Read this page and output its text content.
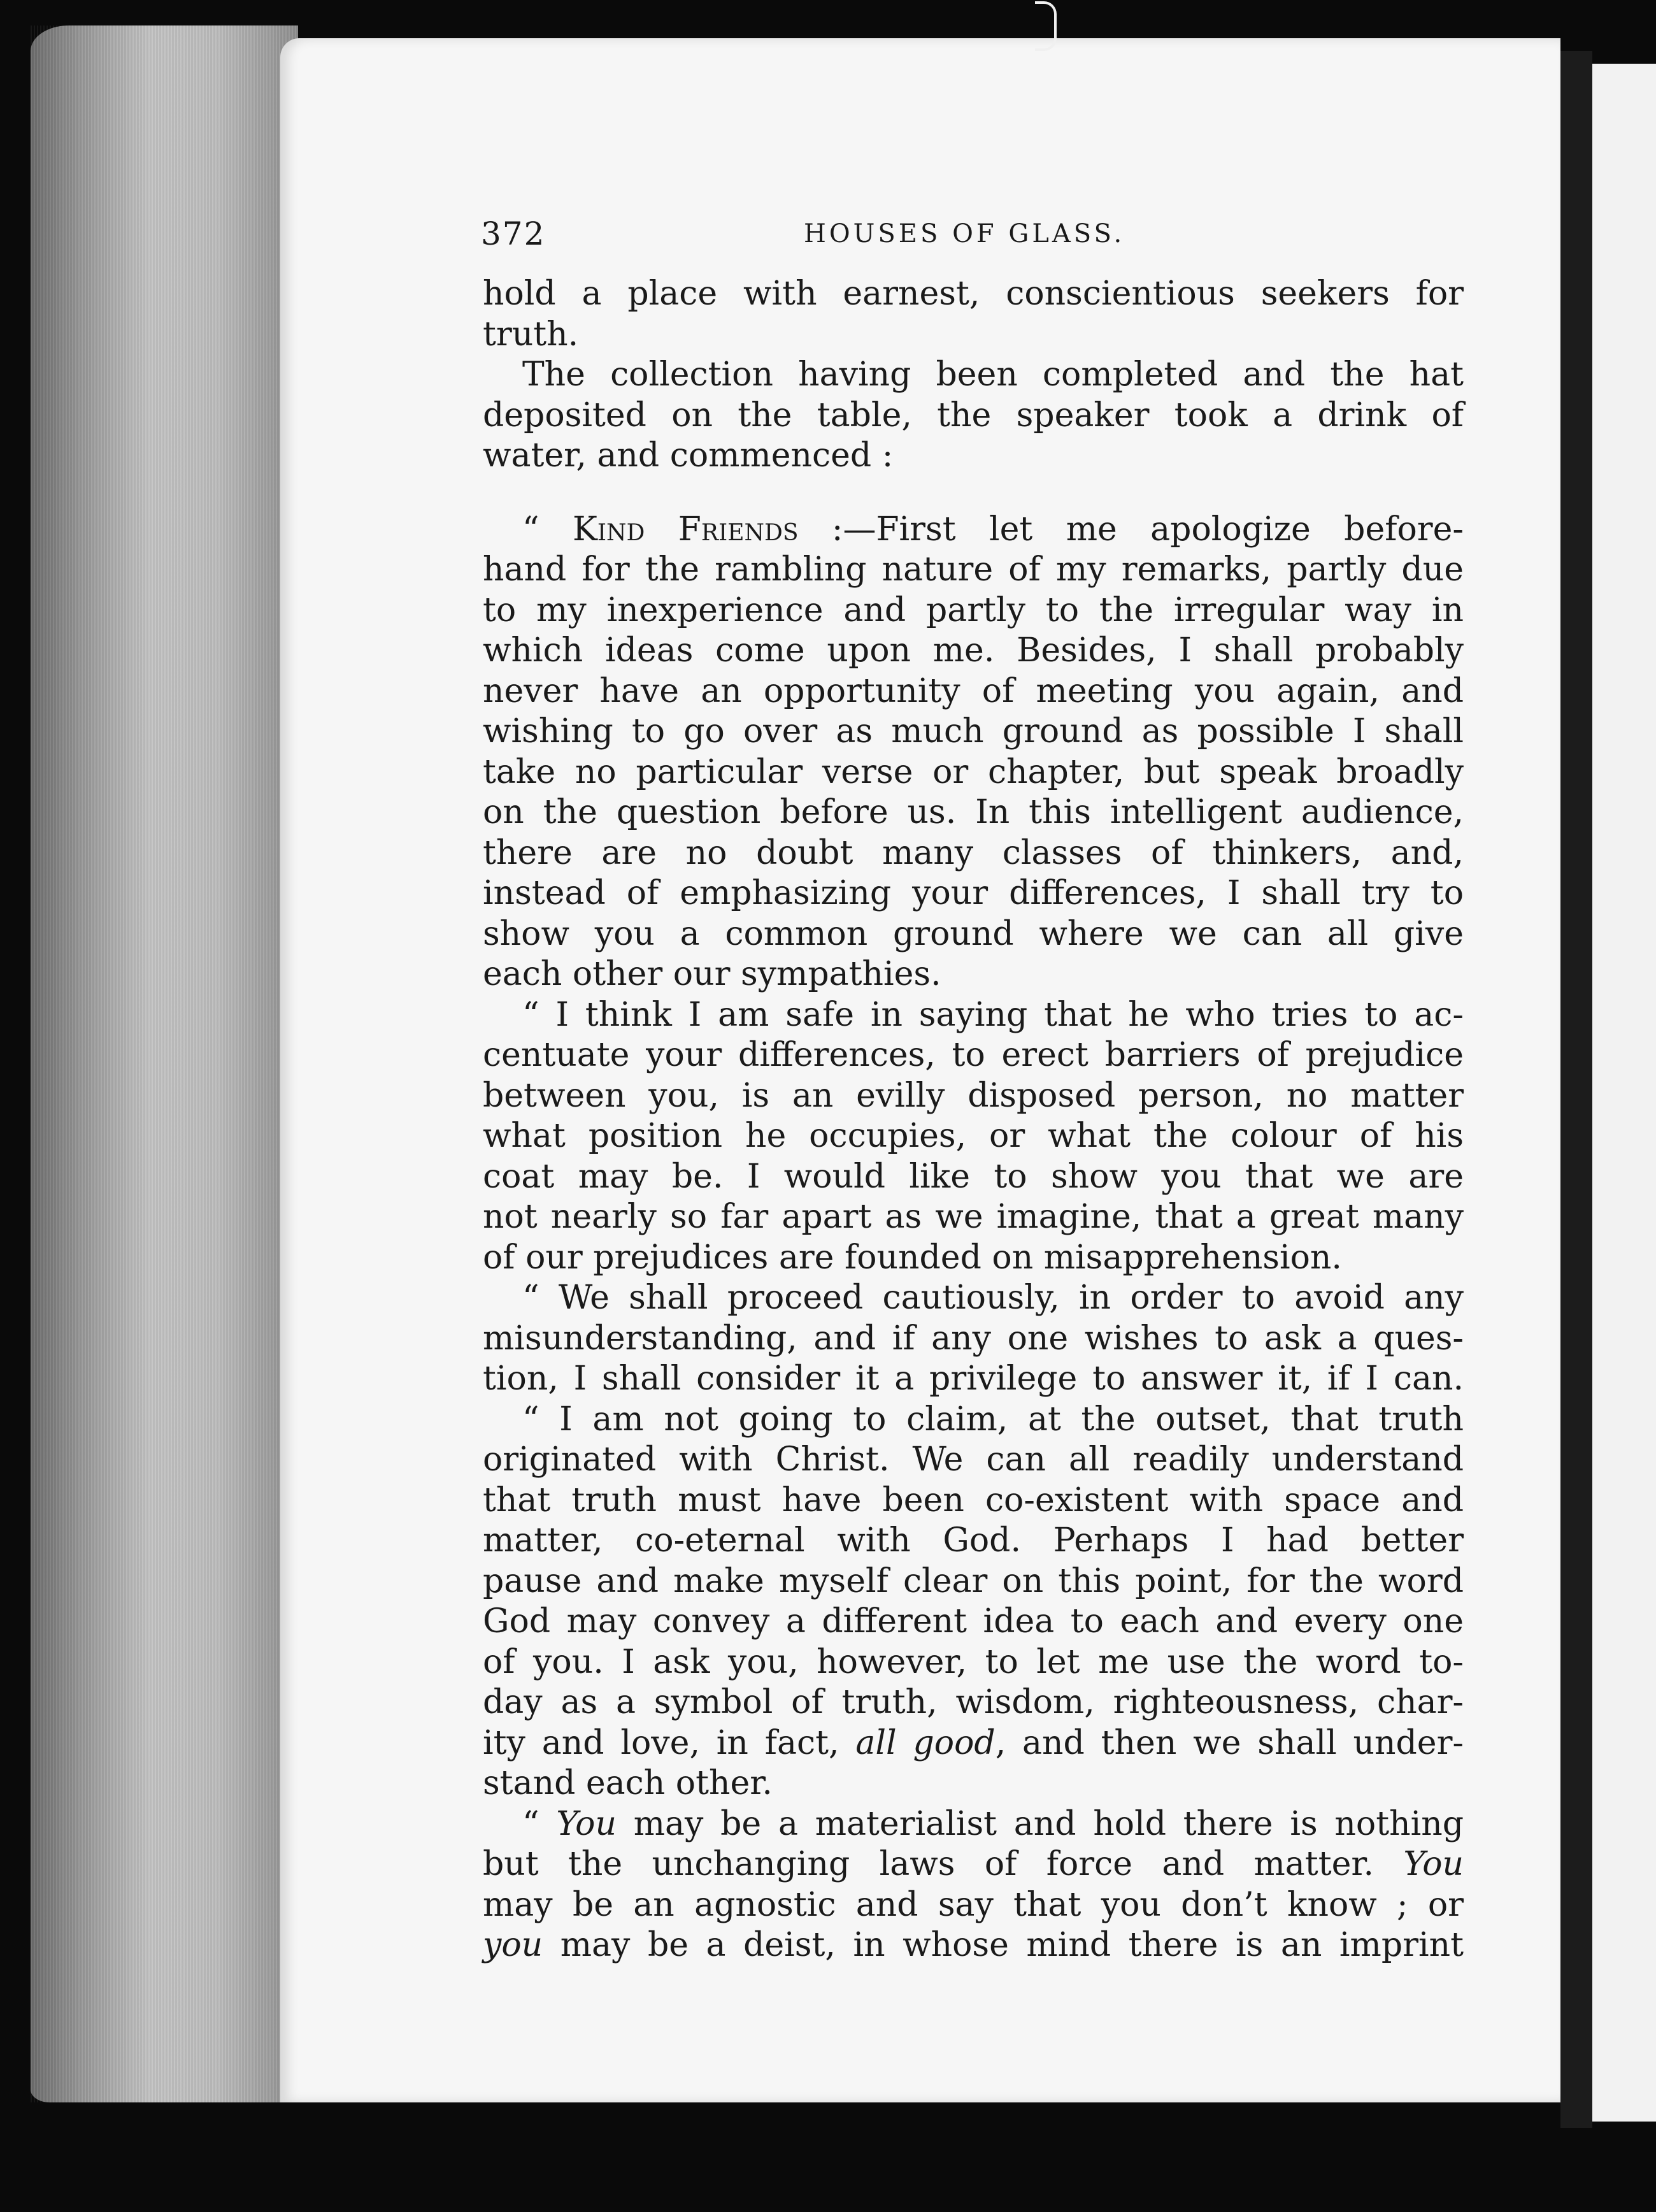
372	HOUSES OF GLASS.
hold a place with earnest, conscientious seekers for
truth.
The collection having been completed and the hat
deposited on the table, the speaker took a drink of
water, and commenced :
“ Kind Friends :—First let me apologize before-
hand for the rambling nature of my remarks, partly due
to my inexperience and partly to the irregular way in
which ideas come upon me. Besides, I shall probably
never have an opportunity of meeting you again, and
wishing to go over as much ground as possible I shall
take no particular verse or chapter, but speak broadly
on the question before us. In this intelligent audience,
there are no doubt many classes of thinkers, and,
instead of emphasizing your differences, I shall try to
show you a common ground where we can all give
each other our sympathies.
“ I think I am safe in saying that he who tries to ac-
centuate your differences, to erect barriers of prejudice
between you, is an evilly disposed person, no matter
what position he occupies, or what the colour of his
coat may be. I would like to show you that we are
not nearly so far apart as we imagine, that a great many
of our prejudices are founded on misapprehension.
“ We shall proceed cautiously, in order to avoid any
misunderstanding, and if any one wishes to ask a ques-
tion, I shall consider it a privilege to answer it, if I can.
“ I am not going to claim, at the outset, that truth
originated with Christ. We can all readily understand
that truth must have been co-existent with space and
matter, co-eternal with God. Perhaps I had better
pause and make myself clear on this point, for the word
God may convey a different idea to each and every one
of you. I ask you, however, to let me use the word to-
day as a symbol of truth, wisdom, righteousness, char-
ity and love, in fact, all good, and then we shall under-
stand each other.
“ You may be a materialist and hold there is nothing
but the unchanging laws of force and matter. You
may be an agnostic and say that you don’t know ; or
you may be a deist, in whose mind there is an imprint
